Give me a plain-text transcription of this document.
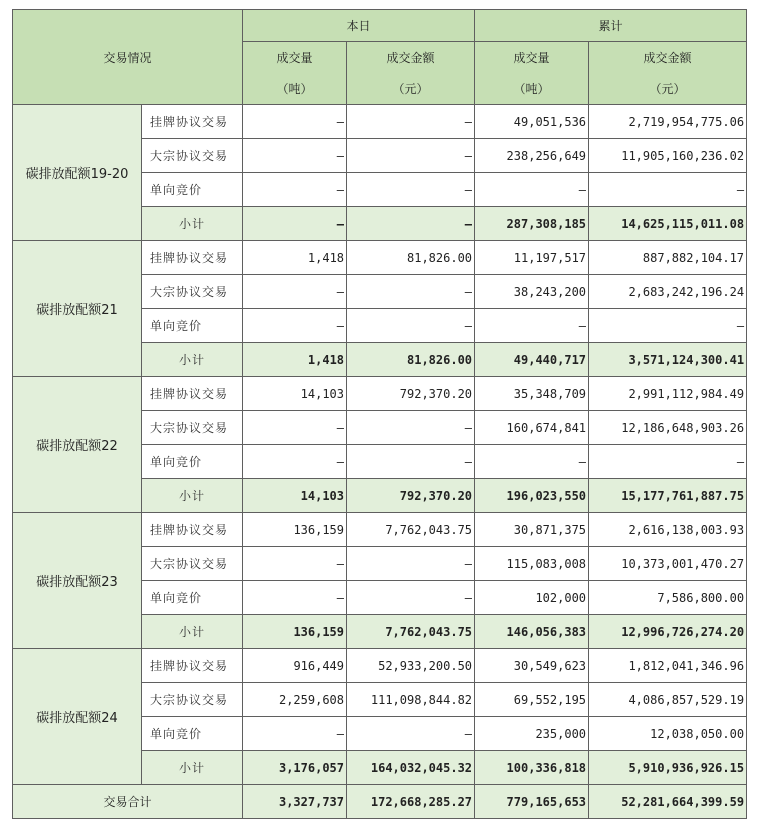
交易情况		本日		累计	
		成交量	成交金额	成交量	成交金额
		（吨）	（元）	（吨）	（元）
碳排放配额19-20	挂牌协议交易	–	–	49,051,536	2,719,954,775.06
	大宗协议交易	–	–	238,256,649	11,905,160,236.02
	单向竞价	–	–	–	–
	小计	–	–	287,308,185	14,625,115,011.08
碳排放配额21	挂牌协议交易	1,418	81,826.00	11,197,517	887,882,104.17
	大宗协议交易	–	–	38,243,200	2,683,242,196.24
	单向竞价	–	–	–	–
	小计	1,418	81,826.00	49,440,717	3,571,124,300.41
碳排放配额22	挂牌协议交易	14,103	792,370.20	35,348,709	2,991,112,984.49
	大宗协议交易	–	–	160,674,841	12,186,648,903.26
	单向竞价	–	–	–	–
	小计	14,103	792,370.20	196,023,550	15,177,761,887.75
碳排放配额23	挂牌协议交易	136,159	7,762,043.75	30,871,375	2,616,138,003.93
	大宗协议交易	–	–	115,083,008	10,373,001,470.27
	单向竞价	–	–	102,000	7,586,800.00
	小计	136,159	7,762,043.75	146,056,383	12,996,726,274.20
碳排放配额24	挂牌协议交易	916,449	52,933,200.50	30,549,623	1,812,041,346.96
	大宗协议交易	2,259,608	111,098,844.82	69,552,195	4,086,857,529.19
	单向竞价	–	–	235,000	12,038,050.00
	小计	3,176,057	164,032,045.32	100,336,818	5,910,936,926.15
交易合计		3,327,737	172,668,285.27	779,165,653	52,281,664,399.59
